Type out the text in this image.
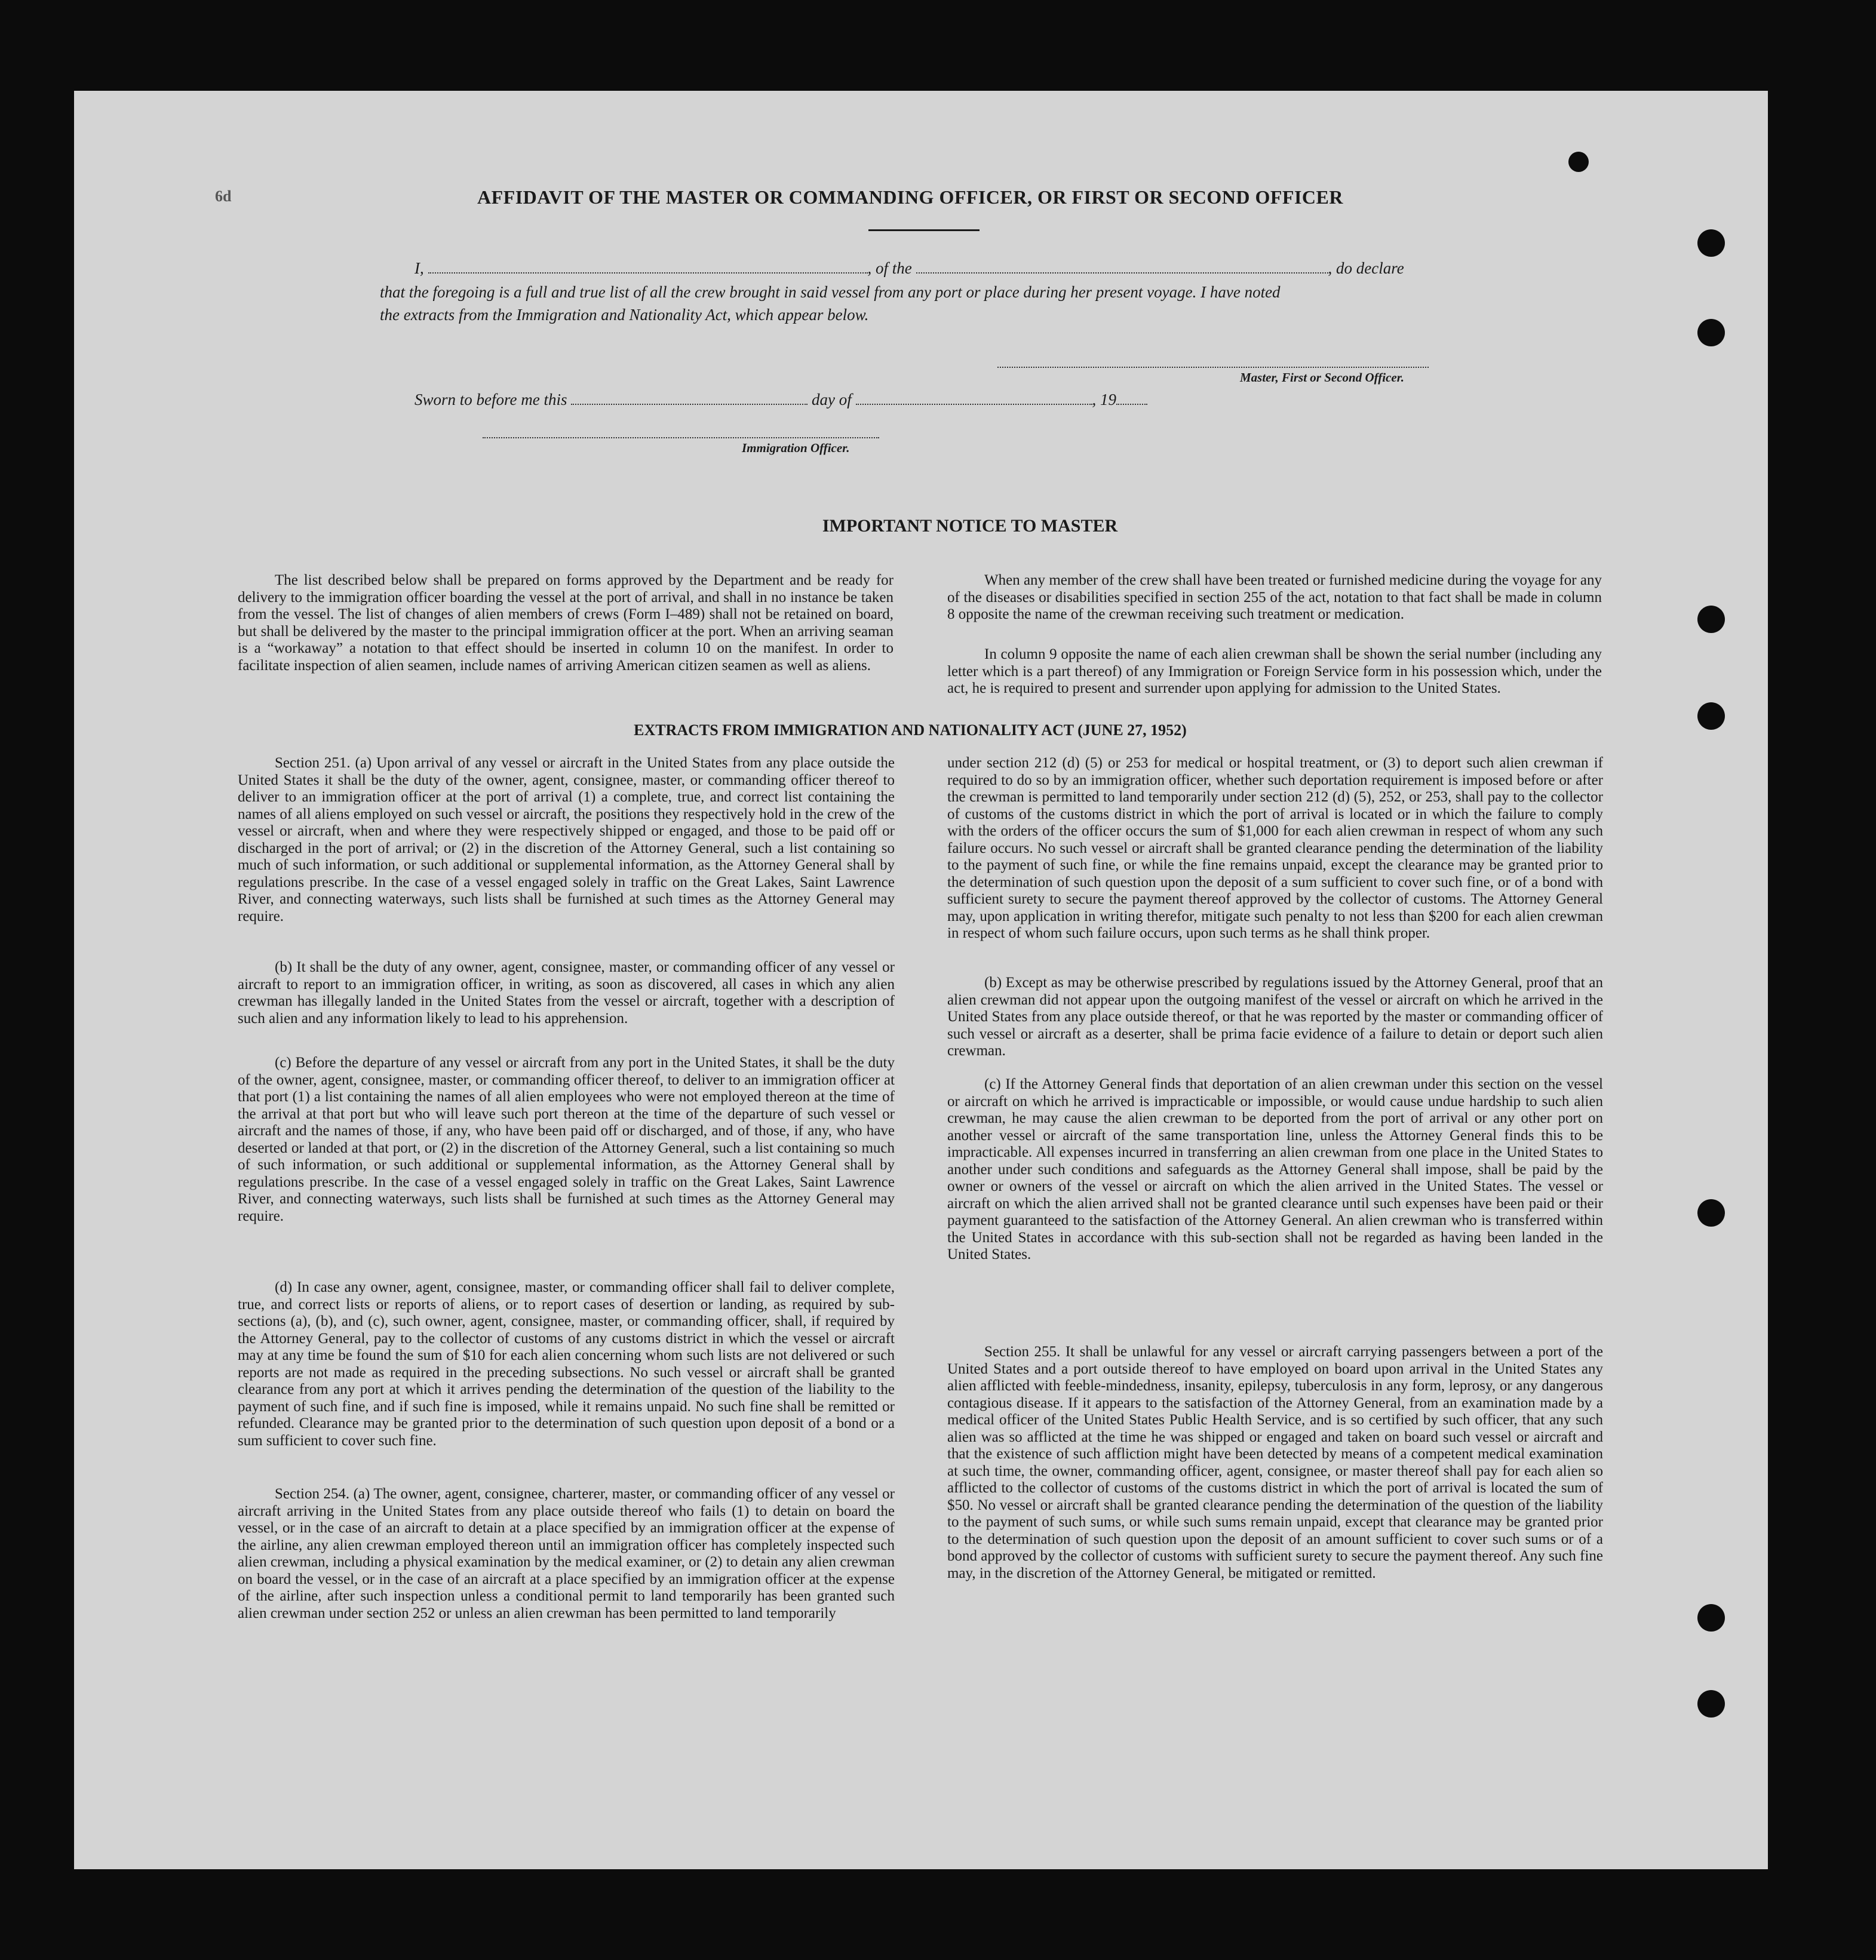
6d	AFFIDAVIT OF THE MASTER OR COMMANDING OFFICER, OR FIRST OR SECOND OFFICER
I,	, of the	, do declare
that the foregoing is a full and true list of all the crew brought in said vessel from any port or place during her present voyage. I have noted
the extracts from the Immigration and Nationality Act, which appear below.
Master, First or Second Officer.
Sworn to before me this	day of	, 19
Immigration Officer.
IMPORTANT NOTICE TO MASTER
The list described below shall be prepared on forms approved by the Department and be ready for delivery to the immigration officer boarding the vessel at the port of arrival, and shall in no instance be taken from the vessel. The list of changes of alien members of crews (Form I–489) shall not be retained on board, but shall be delivered by the master to the principal immigration officer at the port. When an arriving seaman is a “workaway” a notation to that effect should be inserted in column 10 on the manifest. In order to facilitate inspection of alien seamen, include names of arriving American citizen seamen as well as aliens.
When any member of the crew shall have been treated or furnished medicine during the voyage for any of the diseases or disabilities specified in section 255 of the act, notation to that fact shall be made in column 8 opposite the name of the crewman receiving such treatment or medication.
In column 9 opposite the name of each alien crewman shall be shown the serial number (including any letter which is a part thereof) of any Immigration or Foreign Service form in his possession which, under the act, he is required to present and surrender upon applying for admission to the United States.
EXTRACTS FROM IMMIGRATION AND NATIONALITY ACT (JUNE 27, 1952)
Section 251. (a) Upon arrival of any vessel or aircraft in the United States from any place outside the United States it shall be the duty of the owner, agent, consignee, master, or commanding officer thereof to deliver to an immigration officer at the port of arrival (1) a complete, true, and correct list containing the names of all aliens employed on such vessel or aircraft, the positions they respectively hold in the crew of the vessel or aircraft, when and where they were respectively shipped or engaged, and those to be paid off or discharged in the port of arrival; or (2) in the discretion of the Attorney General, such a list containing so much of such information, or such additional or supplemental information, as the Attorney General shall by regulations prescribe. In the case of a vessel engaged solely in traffic on the Great Lakes, Saint Lawrence River, and connecting waterways, such lists shall be furnished at such times as the Attorney General may require.
(b) It shall be the duty of any owner, agent, consignee, master, or commanding officer of any vessel or aircraft to report to an immigration officer, in writing, as soon as discovered, all cases in which any alien crewman has illegally landed in the United States from the vessel or aircraft, together with a description of such alien and any information likely to lead to his apprehension.
(c) Before the departure of any vessel or aircraft from any port in the United States, it shall be the duty of the owner, agent, consignee, master, or commanding officer thereof, to deliver to an immigration officer at that port (1) a list containing the names of all alien employees who were not employed thereon at the time of the arrival at that port but who will leave such port thereon at the time of the departure of such vessel or aircraft and the names of those, if any, who have been paid off or discharged, and of those, if any, who have deserted or landed at that port, or (2) in the discretion of the Attorney General, such a list containing so much of such information, or such additional or supplemental information, as the Attorney General shall by regulations prescribe. In the case of a vessel engaged solely in traffic on the Great Lakes, Saint Lawrence River, and connecting waterways, such lists shall be furnished at such times as the Attorney General may require.
(d) In case any owner, agent, consignee, master, or commanding officer shall fail to deliver complete, true, and correct lists or reports of aliens, or to report cases of desertion or landing, as required by sub-sections (a), (b), and (c), such owner, agent, consignee, master, or commanding officer, shall, if required by the Attorney General, pay to the collector of customs of any customs district in which the vessel or aircraft may at any time be found the sum of $10 for each alien concerning whom such lists are not delivered or such reports are not made as required in the preceding subsections. No such vessel or aircraft shall be granted clearance from any port at which it arrives pending the determination of the question of the liability to the payment of such fine, and if such fine is imposed, while it remains unpaid. No such fine shall be remitted or refunded. Clearance may be granted prior to the determination of such question upon deposit of a bond or a sum sufficient to cover such fine.
Section 254. (a) The owner, agent, consignee, charterer, master, or commanding officer of any vessel or aircraft arriving in the United States from any place outside thereof who fails (1) to detain on board the vessel, or in the case of an aircraft to detain at a place specified by an immigration officer at the expense of the airline, any alien crewman employed thereon until an immigration officer has completely inspected such alien crewman, including a physical examination by the medical examiner, or (2) to detain any alien crewman on board the vessel, or in the case of an aircraft at a place specified by an immigration officer at the expense of the airline, after such inspection unless a conditional permit to land temporarily has been granted such alien crewman under section 252 or unless an alien crewman has been permitted to land temporarily
under section 212 (d) (5) or 253 for medical or hospital treatment, or (3) to deport such alien crewman if required to do so by an immigration officer, whether such deportation requirement is imposed before or after the crewman is permitted to land temporarily under section 212 (d) (5), 252, or 253, shall pay to the collector of customs of the customs district in which the port of arrival is located or in which the failure to comply with the orders of the officer occurs the sum of $1,000 for each alien crewman in respect of whom any such failure occurs. No such vessel or aircraft shall be granted clearance pending the determination of the liability to the payment of such fine, or while the fine remains unpaid, except the clearance may be granted prior to the determination of such question upon the deposit of a sum sufficient to cover such fine, or of a bond with sufficient surety to secure the payment thereof approved by the collector of customs. The Attorney General may, upon application in writing therefor, mitigate such penalty to not less than $200 for each alien crewman in respect of whom such failure occurs, upon such terms as he shall think proper.
(b) Except as may be otherwise prescribed by regulations issued by the Attorney General, proof that an alien crewman did not appear upon the outgoing manifest of the vessel or aircraft on which he arrived in the United States from any place outside thereof, or that he was reported by the master or commanding officer of such vessel or aircraft as a deserter, shall be prima facie evidence of a failure to detain or deport such alien crewman.
(c) If the Attorney General finds that deportation of an alien crewman under this section on the vessel or aircraft on which he arrived is impracticable or impossible, or would cause undue hardship to such alien crewman, he may cause the alien crewman to be deported from the port of arrival or any other port on another vessel or aircraft of the same transportation line, unless the Attorney General finds this to be impracticable. All expenses incurred in transferring an alien crewman from one place in the United States to another under such conditions and safeguards as the Attorney General shall impose, shall be paid by the owner or owners of the vessel or aircraft on which the alien arrived in the United States. The vessel or aircraft on which the alien arrived shall not be granted clearance until such expenses have been paid or their payment guaranteed to the satisfaction of the Attorney General. An alien crewman who is transferred within the United States in accordance with this sub-section shall not be regarded as having been landed in the United States.
Section 255. It shall be unlawful for any vessel or aircraft carrying passengers between a port of the United States and a port outside thereof to have employed on board upon arrival in the United States any alien afflicted with feeble-mindedness, insanity, epilepsy, tuberculosis in any form, leprosy, or any dangerous contagious disease. If it appears to the satisfaction of the Attorney General, from an examination made by a medical officer of the United States Public Health Service, and is so certified by such officer, that any such alien was so afflicted at the time he was shipped or engaged and taken on board such vessel or aircraft and that the existence of such affliction might have been detected by means of a competent medical examination at such time, the owner, commanding officer, agent, consignee, or master thereof shall pay for each alien so afflicted to the collector of customs of the customs district in which the port of arrival is located the sum of $50. No vessel or aircraft shall be granted clearance pending the determination of the question of the liability to the payment of such sums, or while such sums remain unpaid, except that clearance may be granted prior to the determination of such question upon the deposit of an amount sufficient to cover such sums or of a bond approved by the collector of customs with sufficient surety to secure the payment thereof. Any such fine may, in the discretion of the Attorney General, be mitigated or remitted.
